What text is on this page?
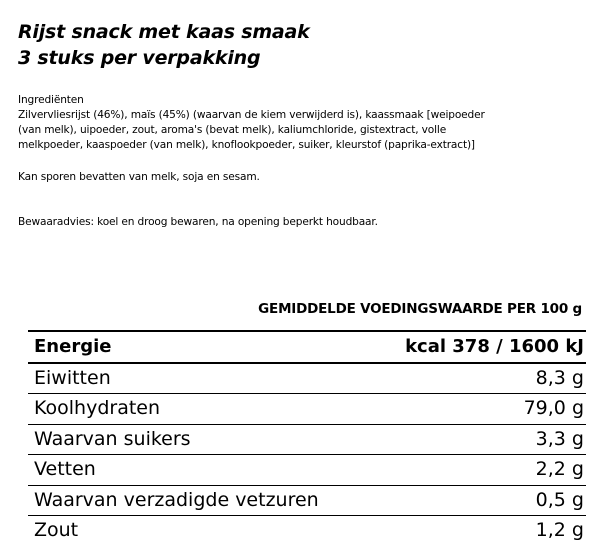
Rijst snack met kaas smaak
3 stuks per verpakking
Ingrediënten
Zilvervliesrijst (46%), maïs (45%) (waarvan de kiem verwijderd is), kaassmaak [weipoeder
(van melk), uipoeder, zout, aroma's (bevat melk), kaliumchloride, gistextract, volle
melkpoeder, kaaspoeder (van melk), knoflookpoeder, suiker, kleurstof (paprika-extract)]
Kan sporen bevatten van melk, soja en sesam.
Bewaaradvies: koel en droog bewaren, na opening beperkt houdbaar.
GEMIDDELDE VOEDINGSWAARDE PER 100 g
Energie	kcal 378 / 1600 kJ
Eiwitten	8,3 g
Koolhydraten	79,0 g
Waarvan suikers	3,3 g
Vetten	2,2 g
Waarvan verzadigde vetzuren	0,5 g
Zout	1,2 g
